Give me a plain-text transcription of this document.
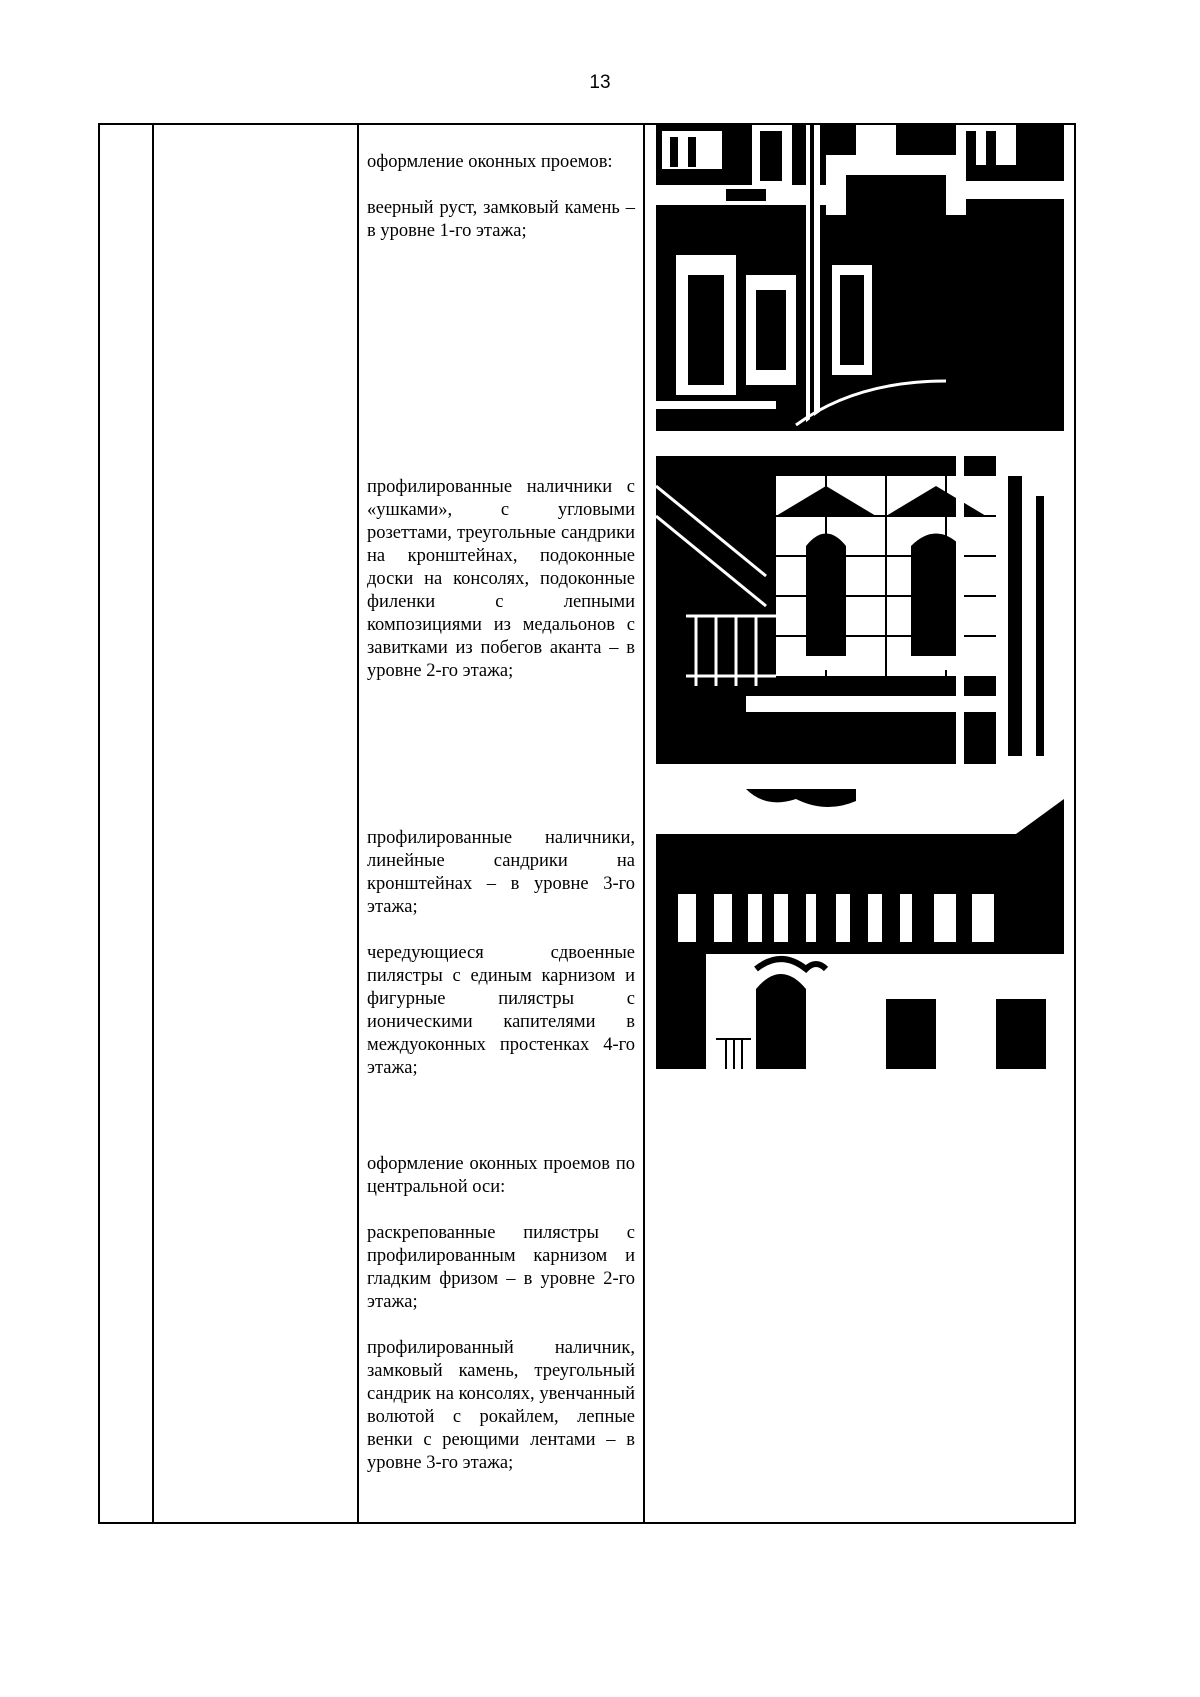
13

оформление оконных проемов:

веерный руст, замковый камень – в уровне 1-го этажа;

профилированные наличники с «ушками», с угловыми розеттами, треугольные сандрики на кронштейнах, подоконные доски на консолях, подоконные филенки с лепными композициями из медальонов с завитками из побегов аканта – в уровне 2-го этажа;

профилированные наличники, линейные сандрики на кронштейнах – в уровне 3-го этажа;

чередующиеся сдвоенные пилястры с единым карнизом и фигурные пилястры с ионическими капителями в междуоконных простенках 4-го этажа;

оформление оконных проемов по центральной оси:

раскрепованные пилястры с профилированным карнизом и гладким фризом – в уровне 2-го этажа;

профилированный наличник, замковый камень, треугольный сандрик на консолях, увенчанный волютой с рокайлем, лепные венки с реющими лентами – в уровне 3-го этажа;
